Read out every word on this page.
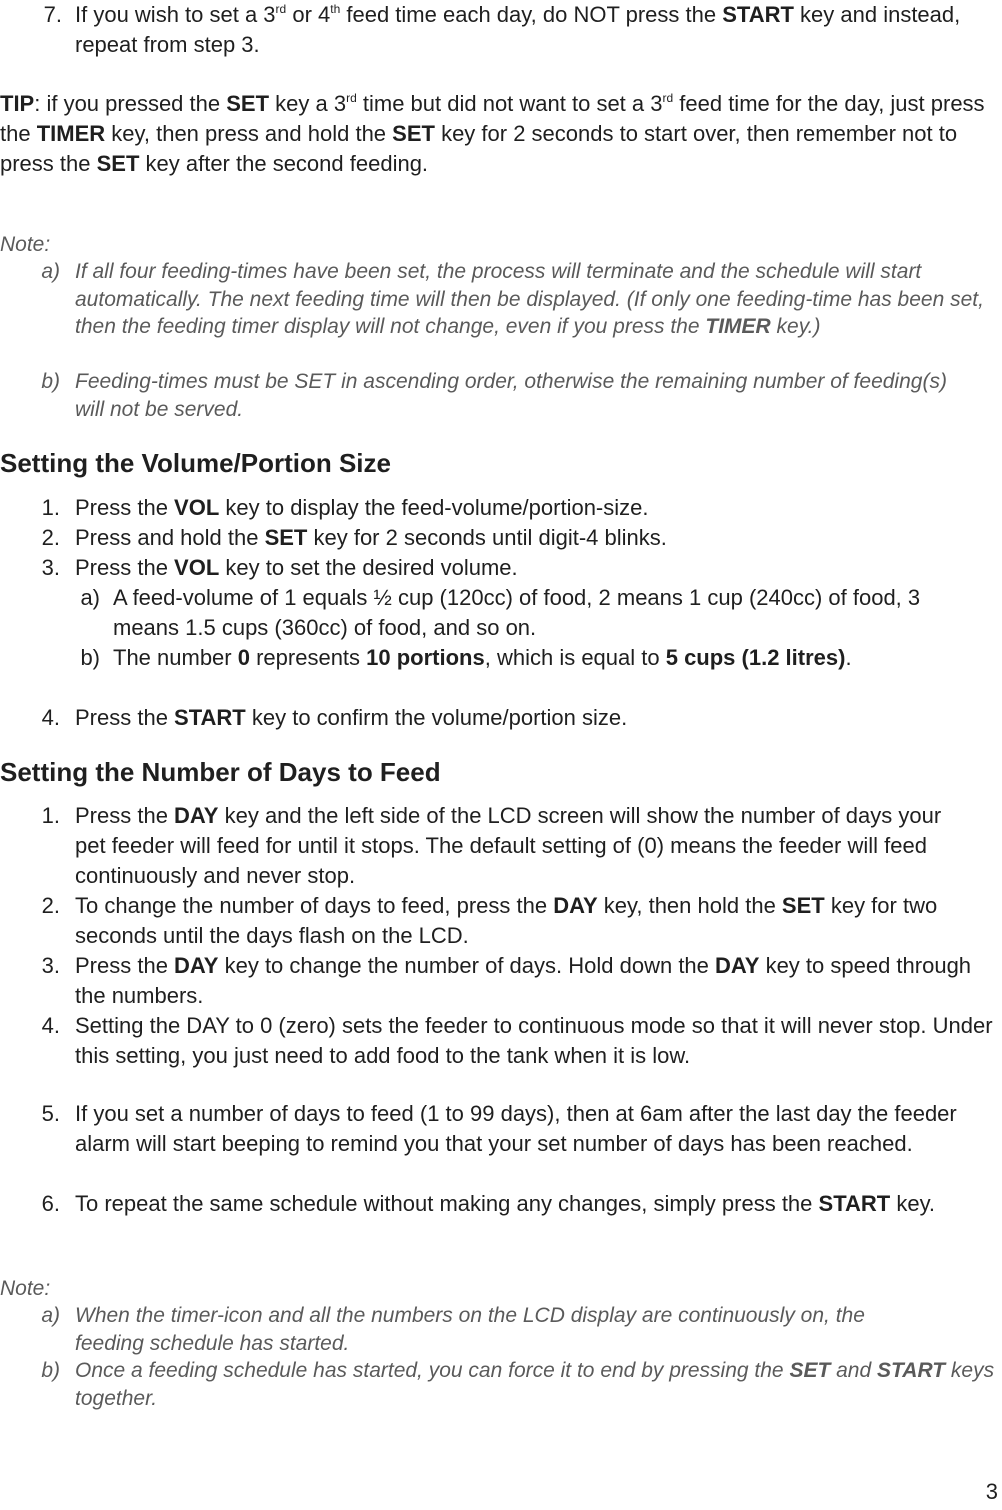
7. If you wish to set a 3rd or 4th feed time each day, do NOT press the START key and instead, repeat from step 3.
TIP: if you pressed the SET key a 3rd time but did not want to set a 3rd feed time for the day, just press the TIMER key, then press and hold the SET key for 2 seconds to start over, then remember not to press the SET key after the second feeding.
Note:
a) If all four feeding-times have been set, the process will terminate and the schedule will start automatically. The next feeding time will then be displayed. (If only one feeding-time has been set, then the feeding timer display will not change, even if you press the TIMER key.)
b) Feeding-times must be SET in ascending order, otherwise the remaining number of feeding(s) will not be served.
Setting the Volume/Portion Size
1. Press the VOL key to display the feed-volume/portion-size.
2. Press and hold the SET key for 2 seconds until digit-4 blinks.
3. Press the VOL key to set the desired volume.
a) A feed-volume of 1 equals ½ cup (120cc) of food, 2 means 1 cup (240cc) of food, 3 means 1.5 cups (360cc) of food, and so on.
b) The number 0 represents 10 portions, which is equal to 5 cups (1.2 litres).
4. Press the START key to confirm the volume/portion size.
Setting the Number of Days to Feed
1. Press the DAY key and the left side of the LCD screen will show the number of days your pet feeder will feed for until it stops. The default setting of (0) means the feeder will feed continuously and never stop.
2. To change the number of days to feed, press the DAY key, then hold the SET key for two seconds until the days flash on the LCD.
3. Press the DAY key to change the number of days. Hold down the DAY key to speed through the numbers.
4. Setting the DAY to 0 (zero) sets the feeder to continuous mode so that it will never stop. Under this setting, you just need to add food to the tank when it is low.
5. If you set a number of days to feed (1 to 99 days), then at 6am after the last day the feeder alarm will start beeping to remind you that your set number of days has been reached.
6. To repeat the same schedule without making any changes, simply press the START key.
Note:
a) When the timer-icon and all the numbers on the LCD display are continuously on, the feeding schedule has started.
b) Once a feeding schedule has started, you can force it to end by pressing the SET and START keys together.
3
